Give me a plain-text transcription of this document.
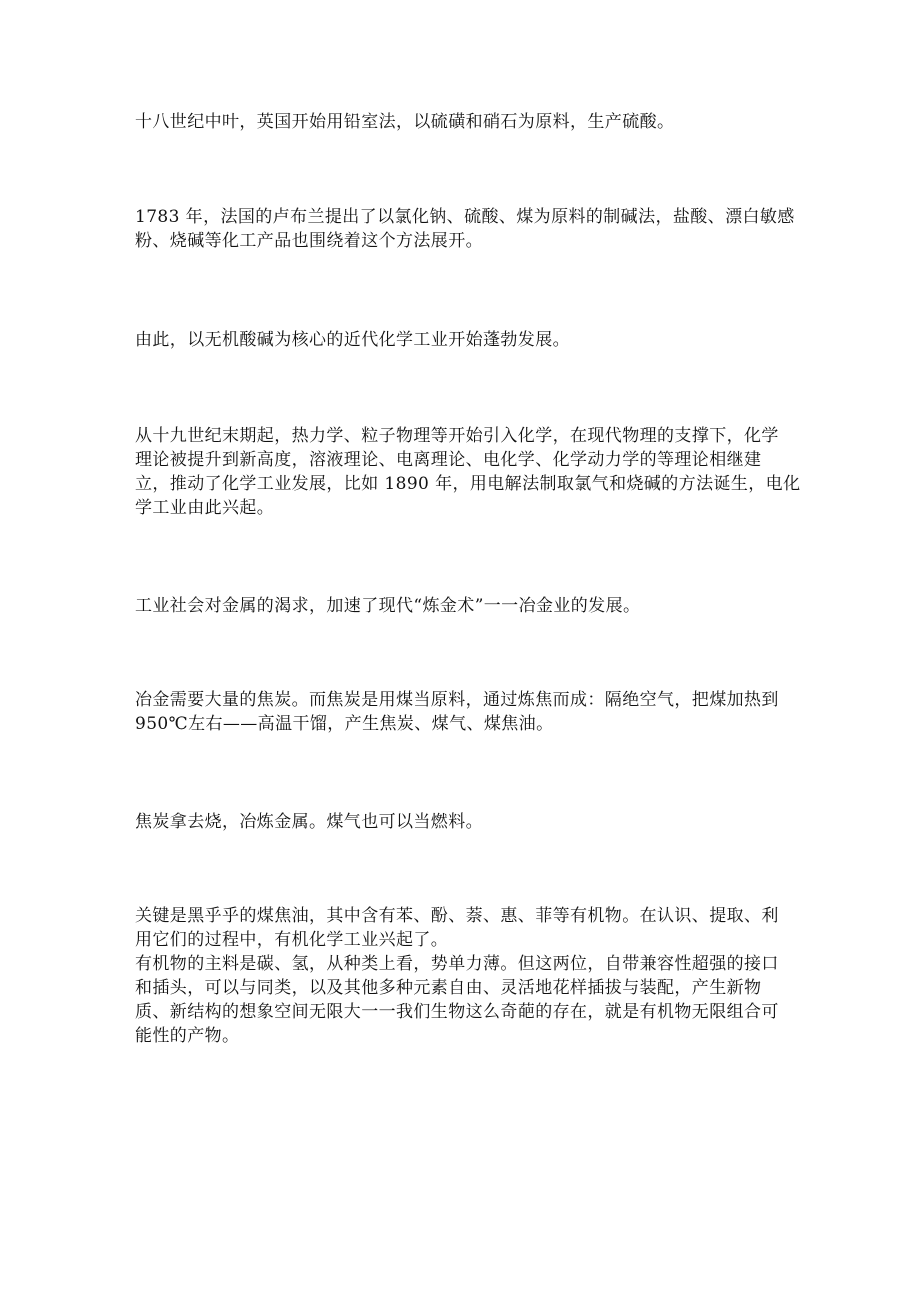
十八世纪中叶，英国开始用铅室法，以硫磺和硝石为原料，生产硫酸。

1783 年，法国的卢布兰提出了以氯化钠、硫酸、煤为原料的制碱法，盐酸、漂白敏感
粉、烧碱等化工产品也围绕着这个方法展开。

由此，以无机酸碱为核心的近代化学工业开始蓬勃发展。

从十九世纪末期起，热力学、粒子物理等开始引入化学，在现代物理的支撑下，化学
理论被提升到新高度，溶液理论、电离理论、电化学、化学动力学的等理论相继建
立，推动了化学工业发展，比如 1890 年，用电解法制取氯气和烧碱的方法诞生，电化
学工业由此兴起。

工业社会对金属的渴求，加速了现代“炼金术”一一冶金业的发展。

冶金需要大量的焦炭。而焦炭是用煤当原料，通过炼焦而成：隔绝空气，把煤加热到
950℃左右——高温干馏，产生焦炭、煤气、煤焦油。

焦炭拿去烧，冶炼金属。煤气也可以当燃料。

关键是黑乎乎的煤焦油，其中含有苯、酚、萘、惠、菲等有机物。在认识、提取、利
用它们的过程中，有机化学工业兴起了。
有机物的主料是碳、氢，从种类上看，势单力薄。但这两位，自带兼容性超强的接口
和插头，可以与同类，以及其他多种元素自由、灵活地花样插拔与装配，产生新物
质、新结构的想象空间无限大一一我们生物这么奇葩的存在，就是有机物无限组合可
能性的产物。
